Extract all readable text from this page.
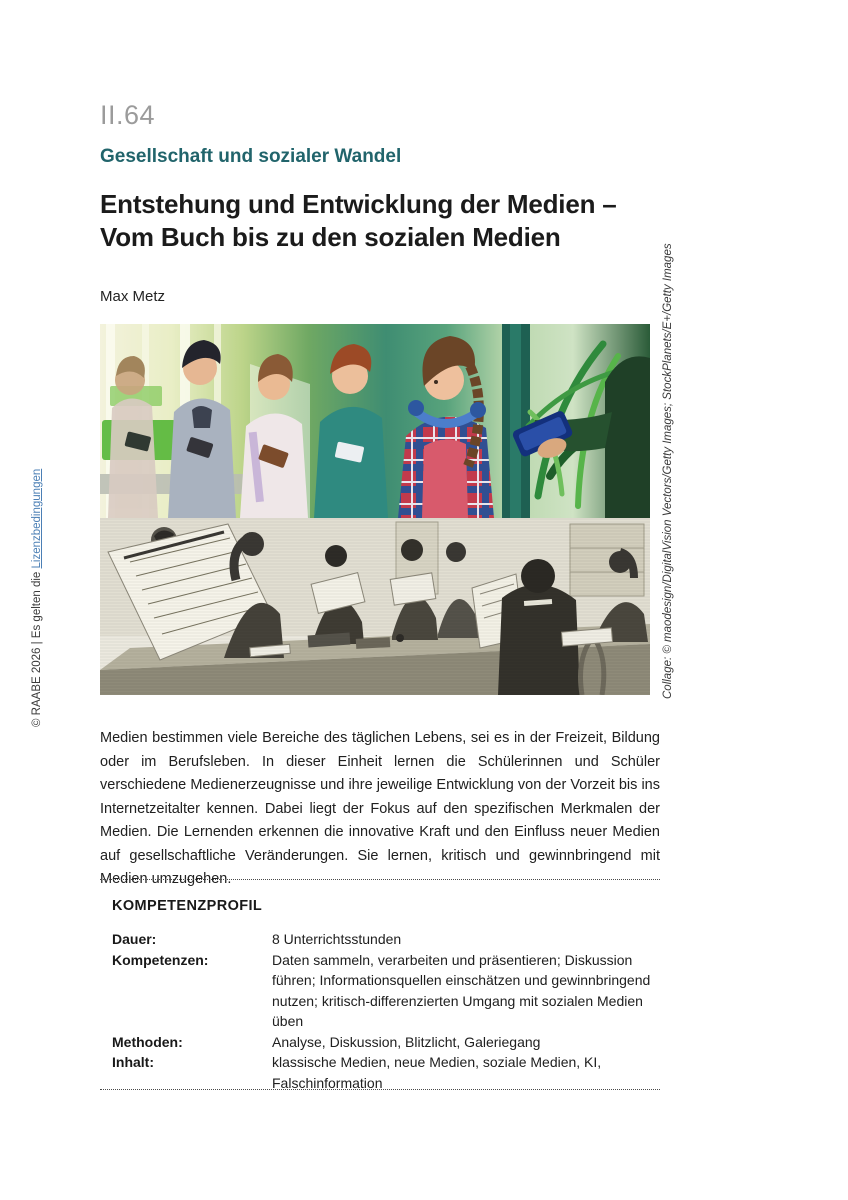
II.64
Gesellschaft und sozialer Wandel
Entstehung und Entwicklung der Medien – Vom Buch bis zu den sozialen Medien
Max Metz	Collage: © maodesign/DigitalVision Vectors/Getty Images; StockPlanets/E+/Getty Images
© RAABE 2026 | Es gelten die Lizenzbedingungen

Medien bestimmen viele Bereiche des täglichen Lebens, sei es in der Freizeit, Bildung oder im Berufsleben. In dieser Einheit lernen die Schülerinnen und Schüler verschiedene Medienerzeugnisse und ihre jeweilige Entwicklung von der Vorzeit bis ins Internetzeitalter kennen. Dabei liegt der Fokus auf den spezifischen Merkmalen der Medien. Die Lernenden erkennen die innovative Kraft und den Einfluss neuer Medien auf gesellschaftliche Veränderungen. Sie lernen, kritisch und gewinnbringend mit Medien umzugehen.

KOMPETENZPROFIL
Dauer:	8 Unterrichtsstunden
Kompetenzen:	Daten sammeln, verarbeiten und präsentieren; Diskussion führen; Informationsquellen einschätzen und gewinnbringend nutzen; kritisch-differenzierten Umgang mit sozialen Medien üben
Methoden:	Analyse, Diskussion, Blitzlicht, Galeriegang
Inhalt:	klassische Medien, neue Medien, soziale Medien, KI, Falschinformation
